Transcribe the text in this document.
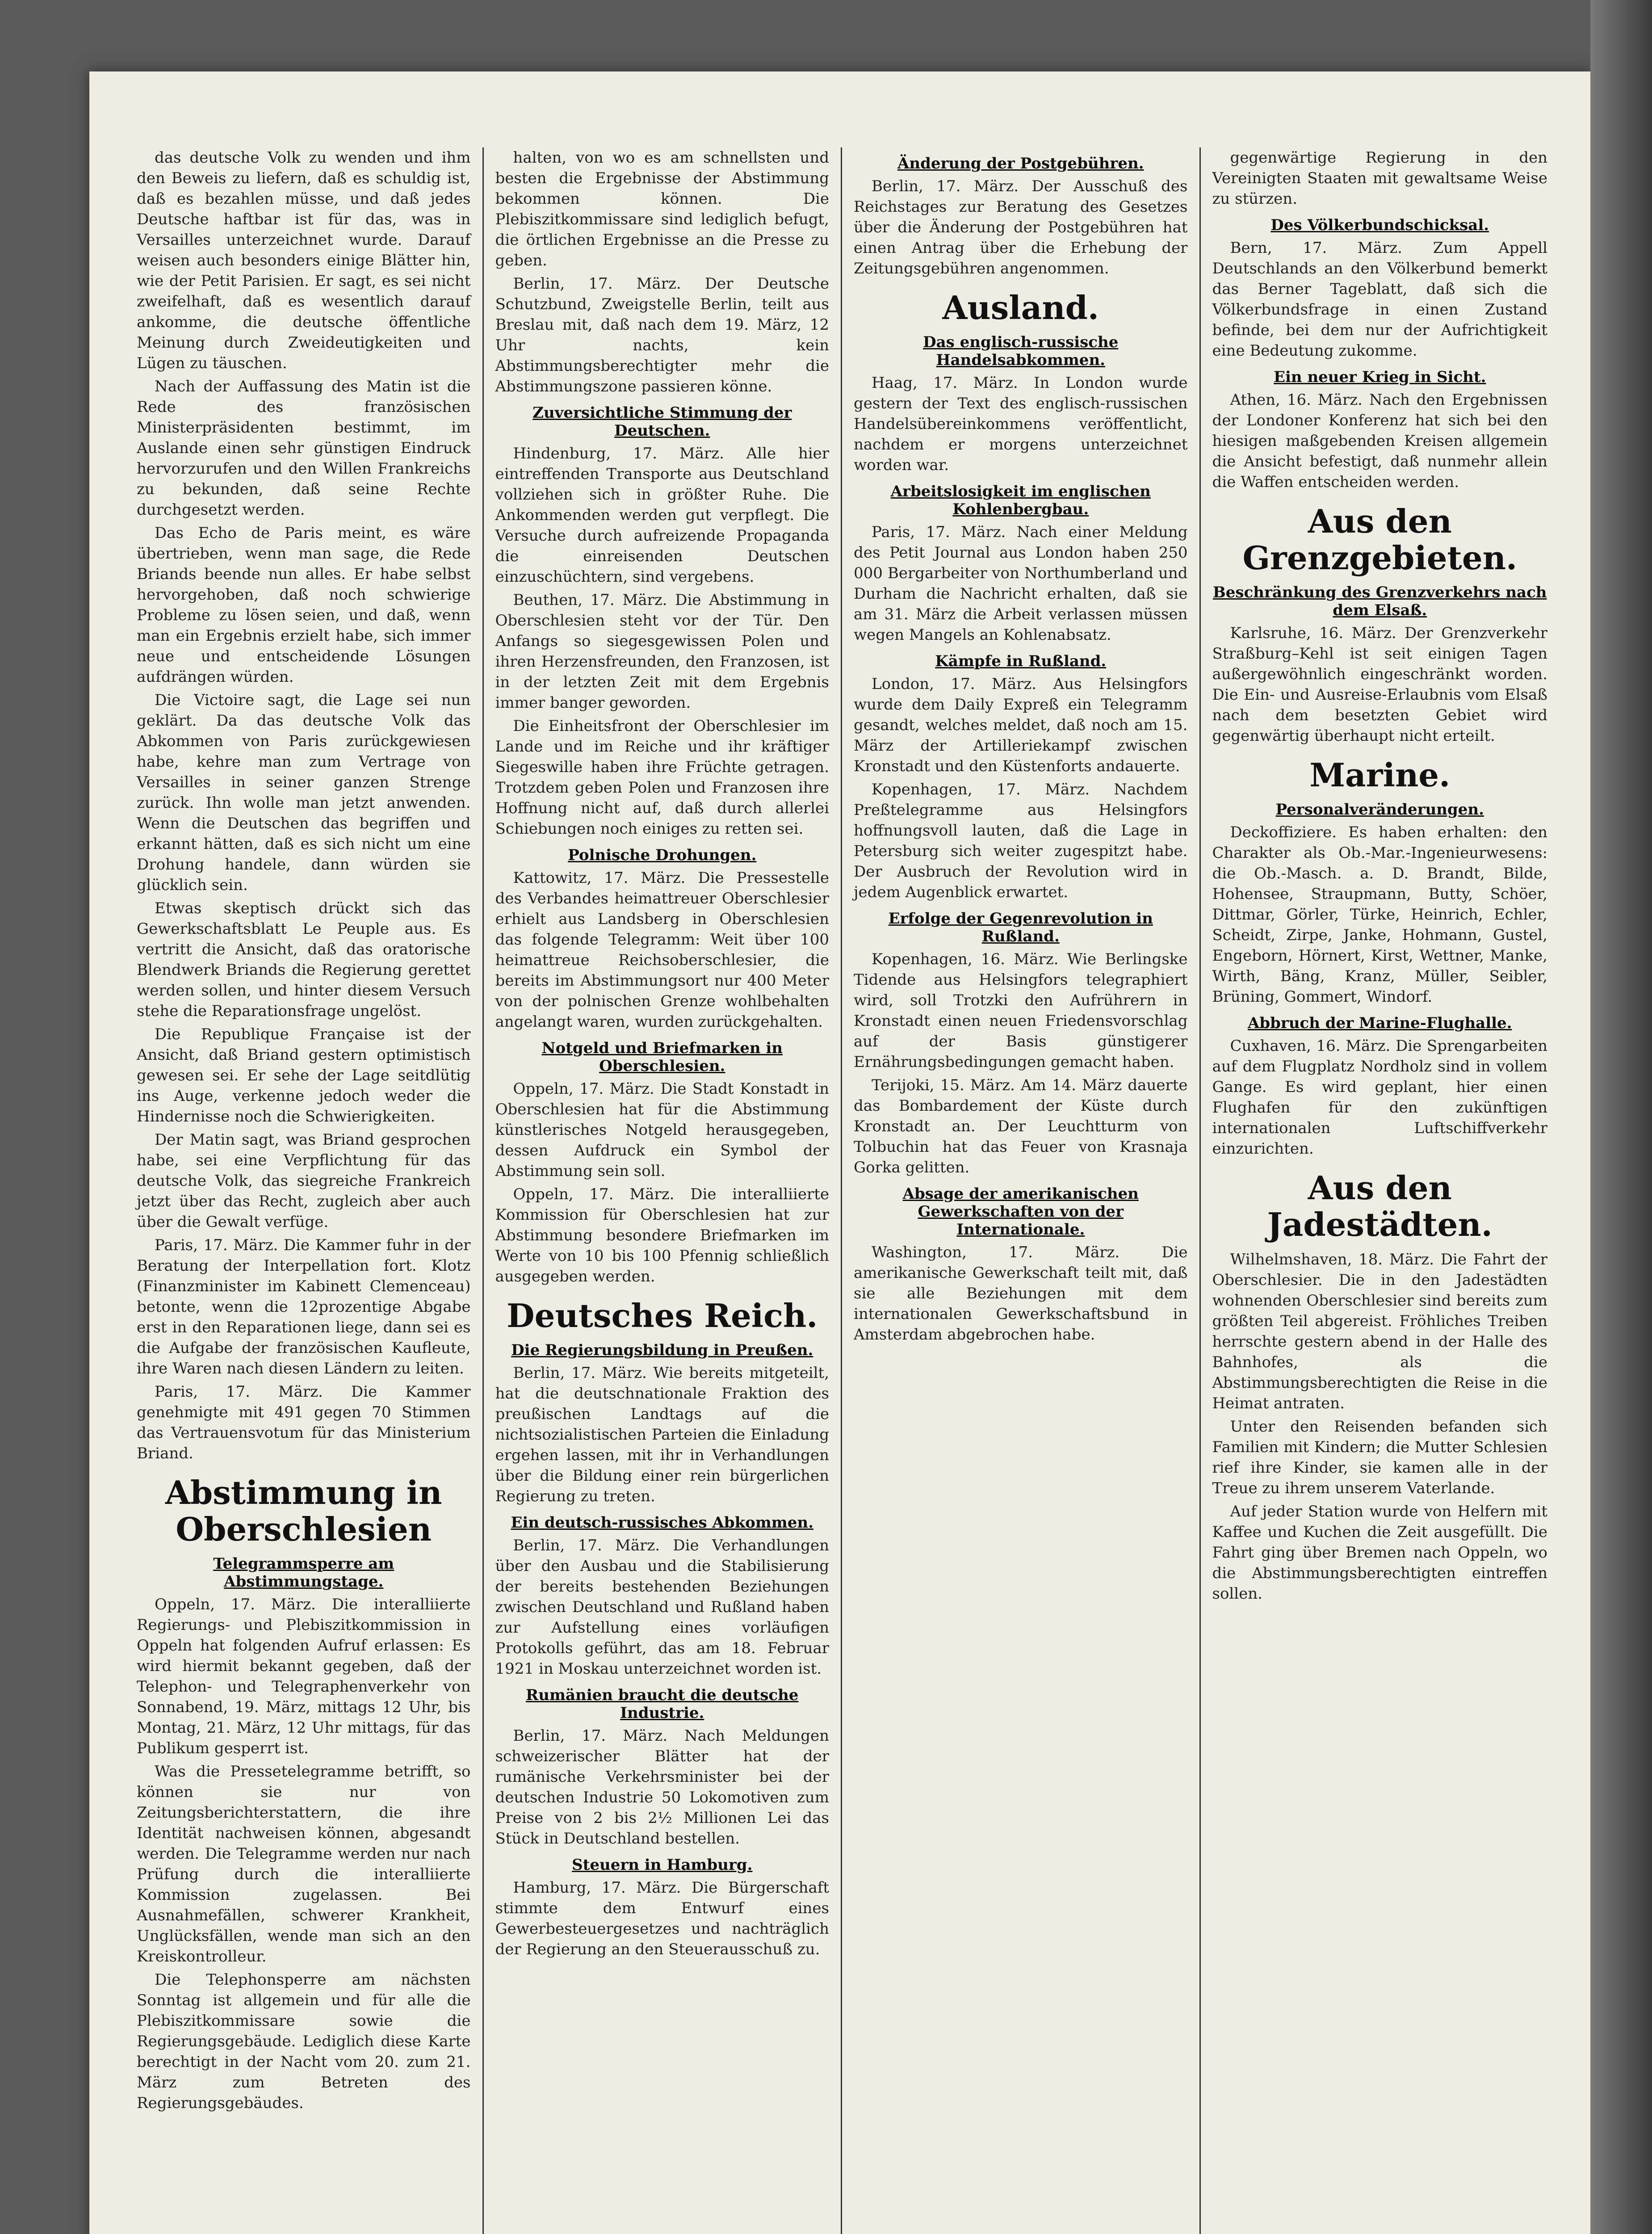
das deutsche Volk zu wenden und ihm den Beweis zu liefern, daß es schuldig ist, daß es bezahlen müsse, und daß jedes Deutsche haftbar ist für das, was in Versailles unterzeichnet wurde. Darauf weisen auch besonders einige Blätter hin, wie der Petit Parisien. Er sagt, es sei nicht zweifelhaft, daß es wesentlich darauf ankomme, die deutsche öffentliche Meinung durch Zweideutigkeiten und Lügen zu täuschen.
Nach der Auffassung des Matin ist die Rede des französischen Ministerpräsidenten bestimmt, im Auslande einen sehr günstigen Eindruck hervorzurufen und den Willen Frankreichs zu bekunden, daß seine Rechte durchgesetzt werden.
Das Echo de Paris meint, es wäre übertrieben, wenn man sage, die Rede Briands beende nun alles. Er habe selbst hervorgehoben, daß noch schwierige Probleme zu lösen seien, und daß, wenn man ein Ergebnis erzielt habe, sich immer neue und entscheidende Lösungen aufdrängen würden.
Die Victoire sagt, die Lage sei nun geklärt. Da das deutsche Volk das Abkommen von Paris zurückgewiesen habe, kehre man zum Vertrage von Versailles in seiner ganzen Strenge zurück. Ihn wolle man jetzt anwenden. Wenn die Deutschen das begriffen und erkannt hätten, daß es sich nicht um eine Drohung handele, dann würden sie glücklich sein.
Etwas skeptisch drückt sich das Gewerkschaftsblatt Le Peuple aus. Es vertritt die Ansicht, daß das oratorische Blendwerk Briands die Regierung gerettet werden sollen, und hinter diesem Versuch stehe die Reparationsfrage ungelöst.
Die Republique Française ist der Ansicht, daß Briand gestern optimistisch gewesen sei. Er sehe der Lage seitdlütig ins Auge, verkenne jedoch weder die Hindernisse noch die Schwierigkeiten.
Der Matin sagt, was Briand gesprochen habe, sei eine Verpflichtung für das deutsche Volk, das siegreiche Frankreich jetzt über das Recht, zugleich aber auch über die Gewalt verfüge.
Paris, 17. März. Die Kammer fuhr in der Beratung der Interpellation fort. Klotz (Finanzminister im Kabinett Clemenceau) betonte, wenn die 12prozentige Abgabe erst in den Reparationen liege, dann sei es die Aufgabe der französischen Kaufleute, ihre Waren nach diesen Ländern zu leiten.
Paris, 17. März. Die Kammer genehmigte mit 491 gegen 70 Stimmen das Vertrauensvotum für das Ministerium Briand.
Abstimmung in Oberschlesien
Telegrammsperre am Abstimmungstage.
Oppeln, 17. März. Die interalliierte Regierungs- und Plebiszitkommission in Oppeln hat folgenden Aufruf erlassen: Es wird hiermit bekannt gegeben, daß der Telephon- und Telegraphenverkehr von Sonnabend, 19. März, mittags 12 Uhr, bis Montag, 21. März, 12 Uhr mittags, für das Publikum gesperrt ist.
Was die Pressetelegramme betrifft, so können sie nur von Zeitungsberichterstattern, die ihre Identität nachweisen können, abgesandt werden. Die Telegramme werden nur nach Prüfung durch die interalliierte Kommission zugelassen. Bei Ausnahmefällen, schwerer Krankheit, Unglücksfällen, wende man sich an den Kreiskontrolleur.
Die Telephonsperre am nächsten Sonntag ist allgemein und für alle die Plebiszitkommissare sowie die Regierungsgebäude. Lediglich diese Karte berechtigt in der Nacht vom 20. zum 21. März zum Betreten des Regierungsgebäudes.
halten, von wo es am schnellsten und besten die Ergebnisse der Abstimmung bekommen können. Die Plebiszitkommissare sind lediglich befugt, die örtlichen Ergebnisse an die Presse zu geben.
Berlin, 17. März. Der Deutsche Schutzbund, Zweigstelle Berlin, teilt aus Breslau mit, daß nach dem 19. März, 12 Uhr nachts, kein Abstimmungsberechtigter mehr die Abstimmungszone passieren könne.
Zuversichtliche Stimmung der Deutschen.
Hindenburg, 17. März. Alle hier eintreffenden Transporte aus Deutschland vollziehen sich in größter Ruhe. Die Ankommenden werden gut verpflegt. Die Versuche durch aufreizende Propaganda die einreisenden Deutschen einzuschüchtern, sind vergebens.
Beuthen, 17. März. Die Abstimmung in Oberschlesien steht vor der Tür. Den Anfangs so siegesgewissen Polen und ihren Herzensfreunden, den Franzosen, ist in der letzten Zeit mit dem Ergebnis immer banger geworden.
Die Einheitsfront der Oberschlesier im Lande und im Reiche und ihr kräftiger Siegeswille haben ihre Früchte getragen. Trotzdem geben Polen und Franzosen ihre Hoffnung nicht auf, daß durch allerlei Schiebungen noch einiges zu retten sei.
Polnische Drohungen.
Kattowitz, 17. März. Die Pressestelle des Verbandes heimattreuer Oberschlesier erhielt aus Landsberg in Oberschlesien das folgende Telegramm: Weit über 100 heimattreue Reichsoberschlesier, die bereits im Abstimmungsort nur 400 Meter von der polnischen Grenze wohlbehalten angelangt waren, wurden zurückgehalten.
Notgeld und Briefmarken in Oberschlesien.
Oppeln, 17. März. Die Stadt Konstadt in Oberschlesien hat für die Abstimmung künstlerisches Notgeld herausgegeben, dessen Aufdruck ein Symbol der Abstimmung sein soll.
Oppeln, 17. März. Die interalliierte Kommission für Oberschlesien hat zur Abstimmung besondere Briefmarken im Werte von 10 bis 100 Pfennig schließlich ausgegeben werden.
Deutsches Reich.
Die Regierungsbildung in Preußen.
Berlin, 17. März. Wie bereits mitgeteilt, hat die deutschnationale Fraktion des preußischen Landtags auf die nichtsozialistischen Parteien die Einladung ergehen lassen, mit ihr in Verhandlungen über die Bildung einer rein bürgerlichen Regierung zu treten.
Ein deutsch-russisches Abkommen.
Berlin, 17. März. Die Verhandlungen über den Ausbau und die Stabilisierung der bereits bestehenden Beziehungen zwischen Deutschland und Rußland haben zur Aufstellung eines vorläufigen Protokolls geführt, das am 18. Februar 1921 in Moskau unterzeichnet worden ist.
Rumänien braucht die deutsche Industrie.
Berlin, 17. März. Nach Meldungen schweizerischer Blätter hat der rumänische Verkehrsminister bei der deutschen Industrie 50 Lokomotiven zum Preise von 2 bis 2½ Millionen Lei das Stück in Deutschland bestellen.
Steuern in Hamburg.
Hamburg, 17. März. Die Bürgerschaft stimmte dem Entwurf eines Gewerbesteuergesetzes und nachträglich der Regierung an den Steuerausschuß zu.
Änderung der Postgebühren.
Berlin, 17. März. Der Ausschuß des Reichstages zur Beratung des Gesetzes über die Änderung der Postgebühren hat einen Antrag über die Erhebung der Zeitungsgebühren angenommen.
Ausland.
Das englisch-russische Handelsabkommen.
Haag, 17. März. In London wurde gestern der Text des englisch-russischen Handelsübereinkommens veröffentlicht, nachdem er morgens unterzeichnet worden war.
Arbeitslosigkeit im englischen Kohlenbergbau.
Paris, 17. März. Nach einer Meldung des Petit Journal aus London haben 250 000 Bergarbeiter von Northumberland und Durham die Nachricht erhalten, daß sie am 31. März die Arbeit verlassen müssen wegen Mangels an Kohlenabsatz.
Kämpfe in Rußland.
London, 17. März. Aus Helsingfors wurde dem Daily Expreß ein Telegramm gesandt, welches meldet, daß noch am 15. März der Artilleriekampf zwischen Kronstadt und den Küstenforts andauerte.
Kopenhagen, 17. März. Nachdem Preßtelegramme aus Helsingfors hoffnungsvoll lauten, daß die Lage in Petersburg sich weiter zugespitzt habe. Der Ausbruch der Revolution wird in jedem Augenblick erwartet.
Erfolge der Gegenrevolution in Rußland.
Kopenhagen, 16. März. Wie Berlingske Tidende aus Helsingfors telegraphiert wird, soll Trotzki den Aufrührern in Kronstadt einen neuen Friedensvorschlag auf der Basis günstigerer Ernährungsbedingungen gemacht haben.
Terijoki, 15. März. Am 14. März dauerte das Bombardement der Küste durch Kronstadt an. Der Leuchtturm von Tolbuchin hat das Feuer von Krasnaja Gorka gelitten.
Absage der amerikanischen Gewerkschaften von der Internationale.
Washington, 17. März. Die amerikanische Gewerkschaft teilt mit, daß sie alle Beziehungen mit dem internationalen Gewerkschaftsbund in Amsterdam abgebrochen habe.
gegenwärtige Regierung in den Vereinigten Staaten mit gewaltsame Weise zu stürzen.
Des Völkerbundschicksal.
Bern, 17. März. Zum Appell Deutschlands an den Völkerbund bemerkt das Berner Tageblatt, daß sich die Völkerbundsfrage in einen Zustand befinde, bei dem nur der Aufrichtigkeit eine Bedeutung zukomme.
Ein neuer Krieg in Sicht.
Athen, 16. März. Nach den Ergebnissen der Londoner Konferenz hat sich bei den hiesigen maßgebenden Kreisen allgemein die Ansicht befestigt, daß nunmehr allein die Waffen entscheiden werden.
Aus den Grenzgebieten.
Beschränkung des Grenzverkehrs nach dem Elsaß.
Karlsruhe, 16. März. Der Grenzverkehr Straßburg–Kehl ist seit einigen Tagen außergewöhnlich eingeschränkt worden. Die Ein- und Ausreise-Erlaubnis vom Elsaß nach dem besetzten Gebiet wird gegenwärtig überhaupt nicht erteilt.
Marine.
Personalveränderungen.
Deckoffiziere. Es haben erhalten: den Charakter als Ob.-Mar.-Ingenieurwesens: die Ob.-Masch. a. D. Brandt, Bilde, Hohensee, Straupmann, Butty, Schöer, Dittmar, Görler, Türke, Heinrich, Echler, Scheidt, Zirpe, Janke, Hohmann, Gustel, Engeborn, Hörnert, Kirst, Wettner, Manke, Wirth, Bäng, Kranz, Müller, Seibler, Brüning, Gommert, Windorf.
Abbruch der Marine-Flughalle.
Cuxhaven, 16. März. Die Sprengarbeiten auf dem Flugplatz Nordholz sind in vollem Gange. Es wird geplant, hier einen Flughafen für den zukünftigen internationalen Luftschiffverkehr einzurichten.
Aus den Jadestädten.
Wilhelmshaven, 18. März. Die Fahrt der Oberschlesier. Die in den Jadestädten wohnenden Oberschlesier sind bereits zum größten Teil abgereist. Fröhliches Treiben herrschte gestern abend in der Halle des Bahnhofes, als die Abstimmungsberechtigten die Reise in die Heimat antraten.
Unter den Reisenden befanden sich Familien mit Kindern; die Mutter Schlesien rief ihre Kinder, sie kamen alle in der Treue zu ihrem unserem Vaterlande.
Auf jeder Station wurde von Helfern mit Kaffee und Kuchen die Zeit ausgefüllt. Die Fahrt ging über Bremen nach Oppeln, wo die Abstimmungsberechtigten eintreffen sollen.
